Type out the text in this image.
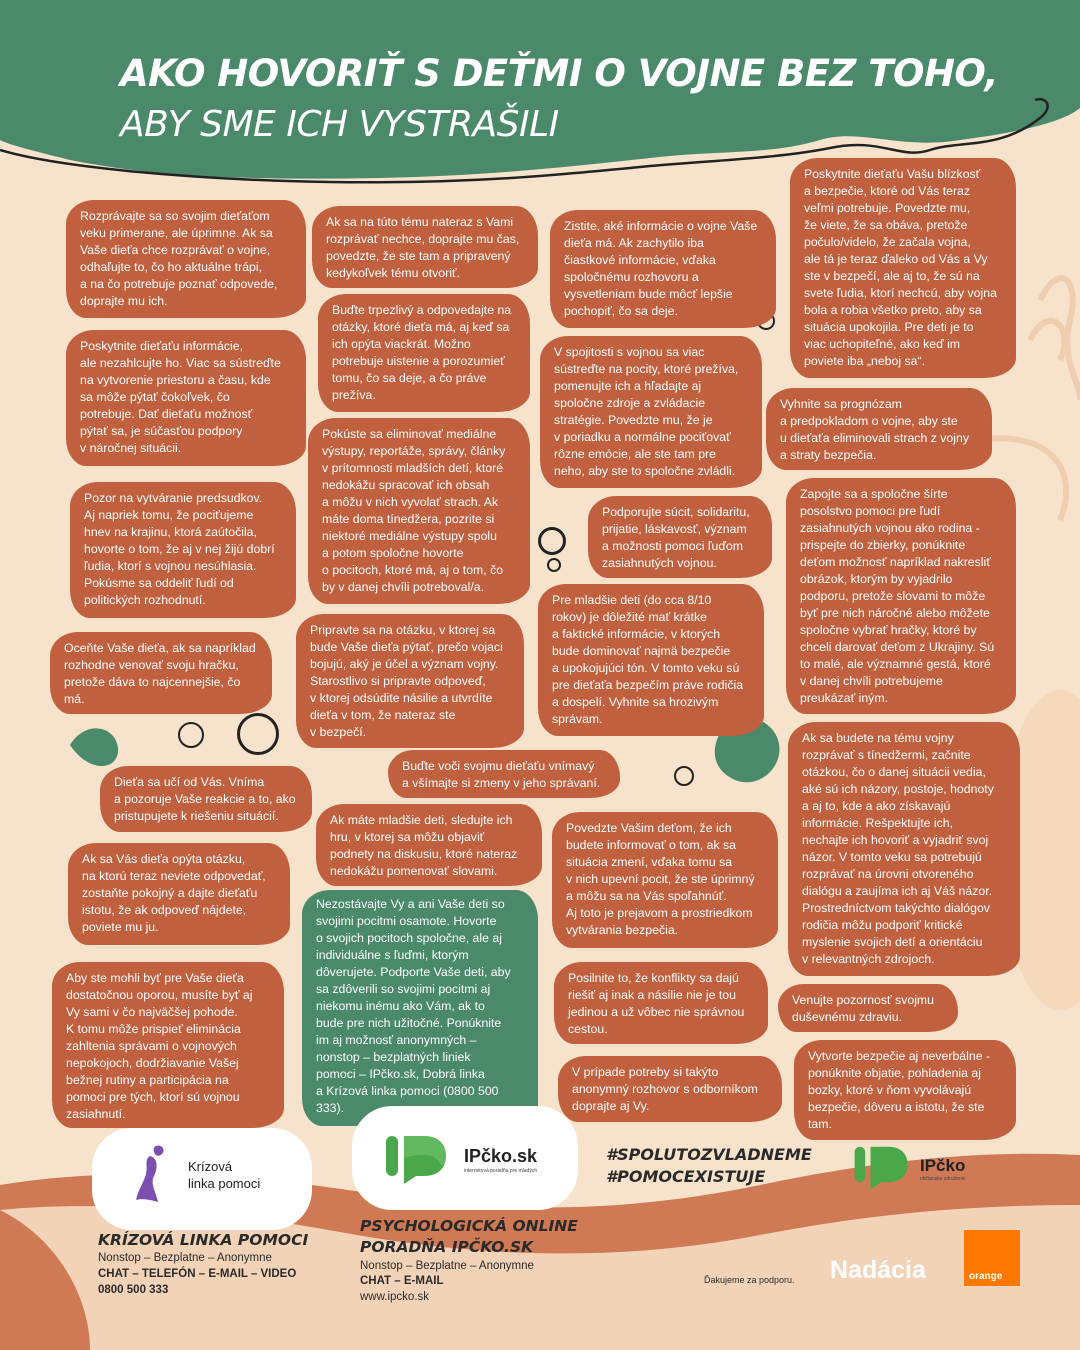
AKO HOVORIŤ S DEŤMI O VOJNE BEZ TOHO,
ABY SME ICH VYSTRAŠILI
Rozprávajte sa so svojim dieťaťom
veku primerane, ale úprimne. Ak sa
Vaše dieťa chce rozprávať o vojne,
odhaľujte to, čo ho aktuálne trápi,
a na čo potrebuje poznať odpovede,
doprajte mu ich.
Poskytnite dieťaťu informácie,
ale nezahlcujte ho. Viac sa sústreďte
na vytvorenie priestoru a času, kde
sa môže pýtať čokoľvek, čo
potrebuje. Dať dieťaťu možnosť
pýtať sa, je súčasťou podpory
v náročnej situácii.
Pozor na vytváranie predsudkov.
Aj napriek tomu, že pociťujeme
hnev na krajinu, ktorá zaútočila,
hovorte o tom, že aj v nej žijú dobrí
ľudia, ktorí s vojnou nesúhlasia.
Pokúsme sa oddeliť ľudí od
politických rozhodnutí.
Oceňte Vaše dieťa, ak sa napríklad
rozhodne venovať svoju hračku,
pretože dáva to najcennejšie, čo
má.
Dieťa sa učí od Vás. Vníma
a pozoruje Vaše reakcie a to, ako
pristupujete k riešeniu situácií.
Ak sa Vás dieťa opýta otázku,
na ktorú teraz neviete odpovedať,
zostaňte pokojný a dajte dieťaťu
istotu, že ak odpoveď nájdete,
poviete mu ju.
Aby ste mohli byť pre Vaše dieťa
dostatočnou oporou, musíte byť aj
Vy sami v čo najväčšej pohode.
K tomu môže prispieť eliminácia
zahltenia správami o vojnových
nepokojoch, dodržiavanie Vašej
bežnej rutiny a participácia na
pomoci pre tých, ktorí sú vojnou
zasiahnutí.
Ak sa na túto tému nateraz s Vami
rozprávať nechce, doprajte mu čas,
povedzte, že ste tam a pripravený
kedykoľvek tému otvoriť.
Buďte trpezlivý a odpovedajte na
otázky, ktoré dieťa má, aj keď sa
ich opýta viackrát. Možno
potrebuje uistenie a porozumieť
tomu, čo sa deje, a čo práve
prežíva.
Pokúste sa eliminovať mediálne
výstupy, reportáže, správy, články
v prítomnosti mladších detí, ktoré
nedokážu spracovať ich obsah
a môžu v nich vyvolať strach. Ak
máte doma tínedžera, pozrite si
niektoré mediálne výstupy spolu
a potom spoločne hovorte
o pocitoch, ktoré má, aj o tom, čo
by v danej chvíli potreboval/a.
Pripravte sa na otázku, v ktorej sa
bude Vaše dieťa pýtať, prečo vojaci
bojujú, aký je účel a význam vojny.
Starostlivo si pripravte odpoveď,
v ktorej odsúdite násilie a utvrdíte
dieťa v tom, že nateraz ste
v bezpečí.
Buďte voči svojmu dieťaťu vnímavý
a všímajte si zmeny v jeho správaní.
Ak máte mladšie deti, sledujte ich
hru, v ktorej sa môžu objaviť
podnety na diskusiu, ktoré nateraz
nedokážu pomenovať slovami.
Nezostávajte Vy a ani Vaše deti so
svojimi pocitmi osamote. Hovorte
o svojich pocitoch spoločne, ale aj
individuálne s ľuďmi, ktorým
dôverujete. Podporte Vaše deti, aby
sa zdôverili so svojimi pocitmi aj
niekomu inému ako Vám, ak to
bude pre nich užitočné. Ponúknite
im aj možnosť anonymných –
nonstop – bezplatných liniek
pomoci – IPčko.sk, Dobrá linka
a Krízová linka pomoci (0800 500
333).
Zistite, aké informácie o vojne Vaše
dieťa má. Ak zachytilo iba
čiastkové informácie, vďaka
spoločnému rozhovoru a
vysvetleniam bude môcť lepšie
pochopiť, čo sa deje.
V spojitosti s vojnou sa viac
sústreďte na pocity, ktoré prežíva,
pomenujte ich a hľadajte aj
spoločne zdroje a zvládacie
stratégie. Povedzte mu, že je
v poriadku a normálne pociťovať
rôzne emócie, ale ste tam pre
neho, aby ste to spoločne zvládli.
Podporujte súcit, solidaritu,
prijatie, láskavosť, význam
a možnosti pomoci ľuďom
zasiahnutých vojnou.
Pre mladšie deti (do cca 8/10
rokov) je dôležité mať krátke
a faktické informácie, v ktorých
bude dominovať najmä bezpečie
a upokojujúci tón. V tomto veku sú
pre dieťaťa bezpečím práve rodičia
a dospelí. Vyhnite sa hrozivým
správam.
Povedzte Vašim deťom, že ich
budete informovať o tom, ak sa
situácia zmení, vďaka tomu sa
v nich upevní pocit, že ste úprimný
a môžu sa na Vás spoľahnúť.
Aj toto je prejavom a prostriedkom
vytvárania bezpečia.
Posilnite to, že konflikty sa dajú
riešiť aj inak a násilie nie je tou
jedinou a už vôbec nie správnou
cestou.
V prípade potreby si takýto
anonymný rozhovor s odborníkom
doprajte aj Vy.
Poskytnite dieťaťu Vašu blízkosť
a bezpečie, ktoré od Vás teraz
veľmi potrebuje. Povedzte mu,
že viete, že sa obáva, pretože
počulo/videlo, že začala vojna,
ale tá je teraz ďaleko od Vás a Vy
ste v bezpečí, ale aj to, že sú na
svete ľudia, ktorí nechcú, aby vojna
bola a robia všetko preto, aby sa
situácia upokojila. Pre deti je to
viac uchopiteľné, ako keď im
poviete iba „neboj sa“.
Vyhnite sa prognózam
a predpokladom o vojne, aby ste
u dieťaťa eliminovali strach z vojny
a straty bezpečia.
Zapojte sa a spoločne šírte
posolstvo pomoci pre ľudí
zasiahnutých vojnou ako rodina -
prispejte do zbierky, ponúknite
deťom možnosť napríklad nakresliť
obrázok, ktorým by vyjadrilo
podporu, pretože slovami to môže
byť pre nich náročné alebo môžete
spoločne vybrať hračky, ktoré by
chceli darovať deťom z Ukrajiny. Sú
to malé, ale významné gestá, ktoré
v danej chvíli potrebujeme
preukázať iným.
Ak sa budete na tému vojny
rozprávať s tínedžermi, začnite
otázkou, čo o danej situácii vedia,
aké sú ich názory, postoje, hodnoty
a aj to, kde a ako získavajú
informácie. Rešpektujte ich,
nechajte ich hovoriť a vyjadriť svoj
názor. V tomto veku sa potrebujú
rozprávať na úrovni otvoreného
dialógu a zaujíma ich aj Váš názor.
Prostredníctvom takýchto dialógov
rodičia môžu podporiť kritické
myslenie svojich detí a orientáciu
v relevantných zdrojoch.
Venujte pozornosť svojmu
duševnému zdraviu.
Vytvorte bezpečie aj neverbálne -
ponúknite objatie, pohladenia aj
bozky, ktoré v ňom vyvolávajú
bezpečie, dôveru a istotu, že ste
tam.
Krízová
linka pomoci
IPčko.sk
internetová poradňa pre mladých
#SPOLUTOZVLADNEME
#POMOCEXISTUJE
IPčko
občianske združenie
KRÍZOVÁ LINKA POMOCI
Nonstop – Bezplatne – Anonymne
CHAT – TELEFÓN – E-MAIL – VIDEO
0800 500 333
PSYCHOLOGICKÁ ONLINE
PORADŇA IPČKO.SK
Nonstop – Bezplatne – Anonymne
CHAT – E-MAIL
www.ipcko.sk
Ďakujeme za podporu. Nadácia	orange
